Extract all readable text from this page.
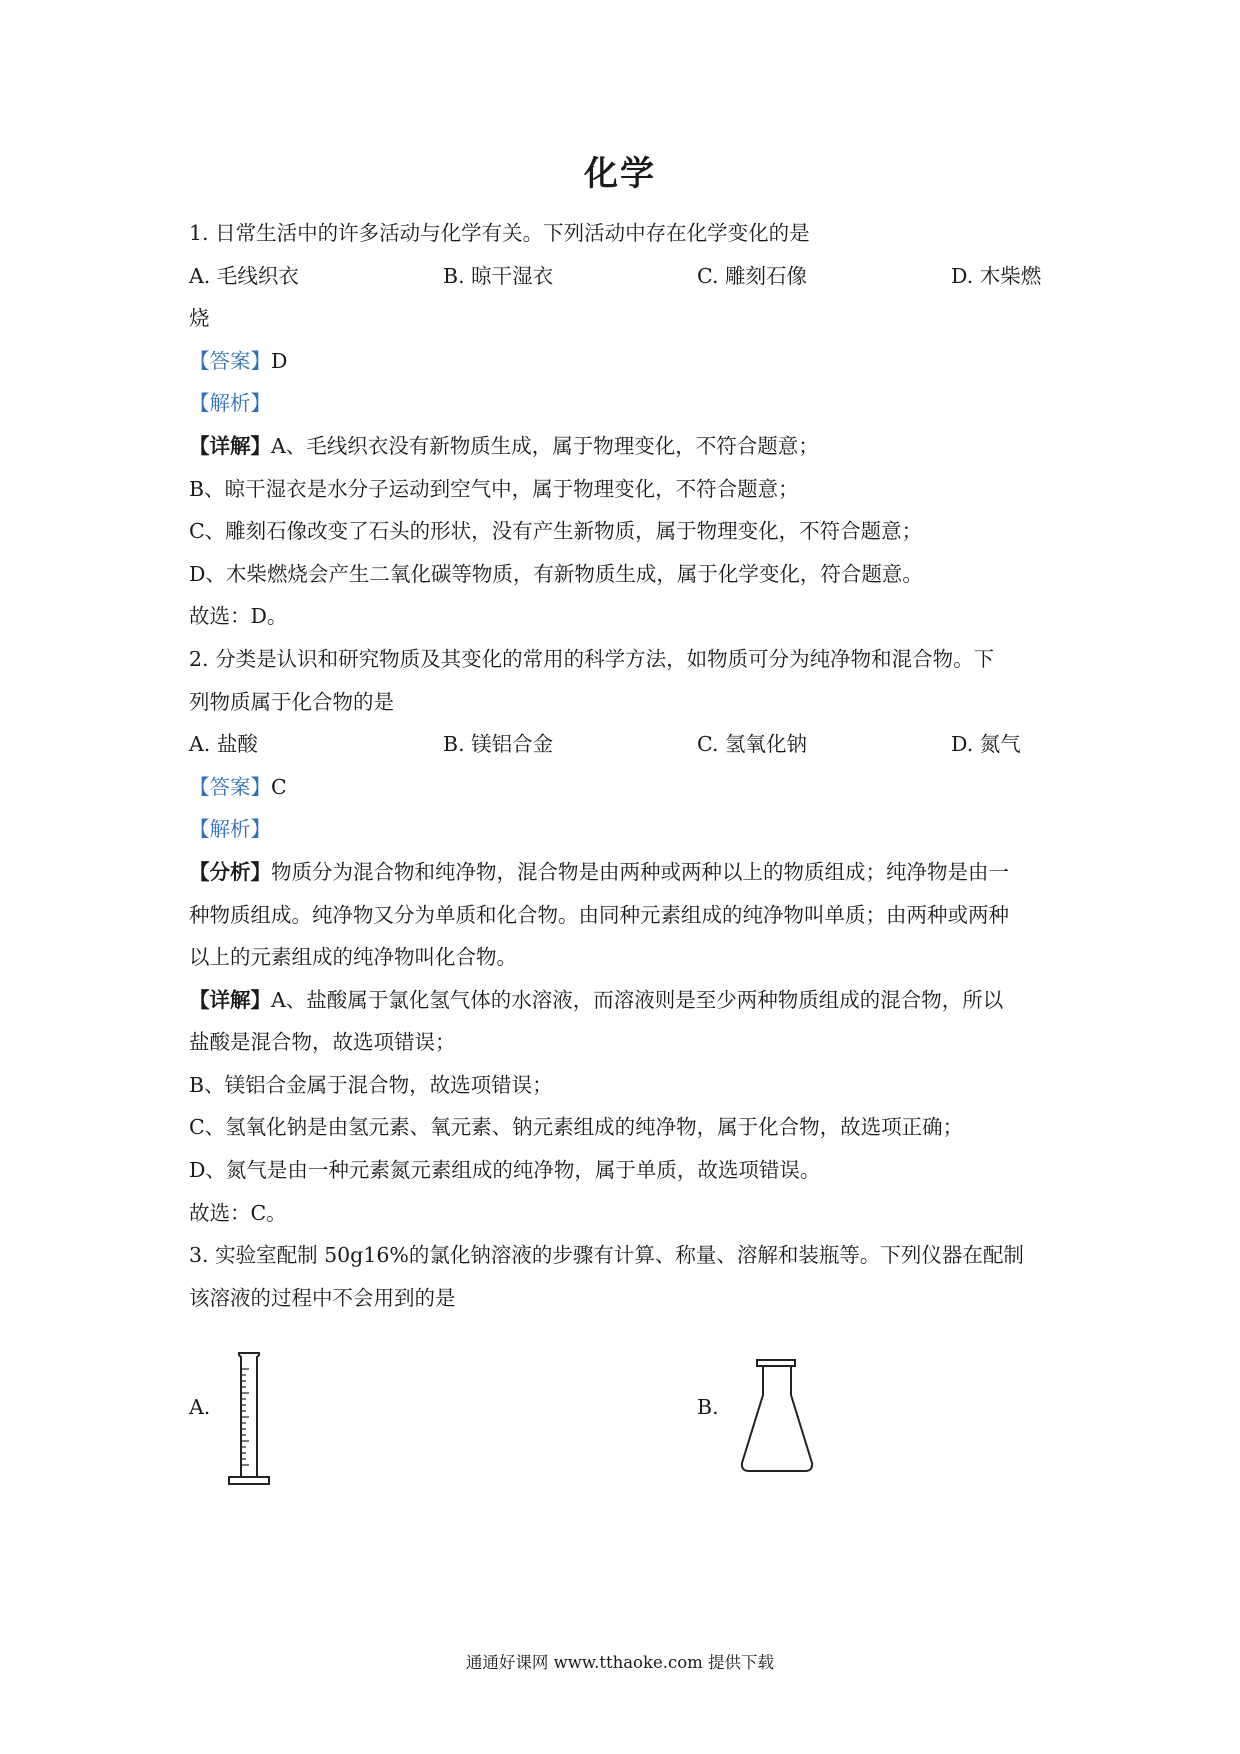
化学
1. 日常生活中的许多活动与化学有关。下列活动中存在化学变化的是
A. 毛线织衣	B. 晾干湿衣	C. 雕刻石像	D. 木柴燃
烧
【答案】D
【解析】
【详解】A、毛线织衣没有新物质生成，属于物理变化，不符合题意；
B、晾干湿衣是水分子运动到空气中，属于物理变化，不符合题意；
C、雕刻石像改变了石头的形状，没有产生新物质，属于物理变化，不符合题意；
D、木柴燃烧会产生二氧化碳等物质，有新物质生成，属于化学变化，符合题意。
故选：D。
2. 分类是认识和研究物质及其变化的常用的科学方法，如物质可分为纯净物和混合物。下
列物质属于化合物的是
A. 盐酸	B. 镁铝合金	C. 氢氧化钠	D. 氮气
【答案】C
【解析】
【分析】物质分为混合物和纯净物，混合物是由两种或两种以上的物质组成；纯净物是由一
种物质组成。纯净物又分为单质和化合物。由同种元素组成的纯净物叫单质；由两种或两种
以上的元素组成的纯净物叫化合物。
【详解】A、盐酸属于氯化氢气体的水溶液，而溶液则是至少两种物质组成的混合物，所以
盐酸是混合物，故选项错误；
B、镁铝合金属于混合物，故选项错误；
C、氢氧化钠是由氢元素、氧元素、钠元素组成的纯净物，属于化合物，故选项正确；
D、氮气是由一种元素氮元素组成的纯净物，属于单质，故选项错误。
故选：C。
3. 实验室配制 50g16%的氯化钠溶液的步骤有计算、称量、溶解和装瓶等。下列仪器在配制
该溶液的过程中不会用到的是
A.	B.
通通好课网 www.tthaoke.com 提供下载
